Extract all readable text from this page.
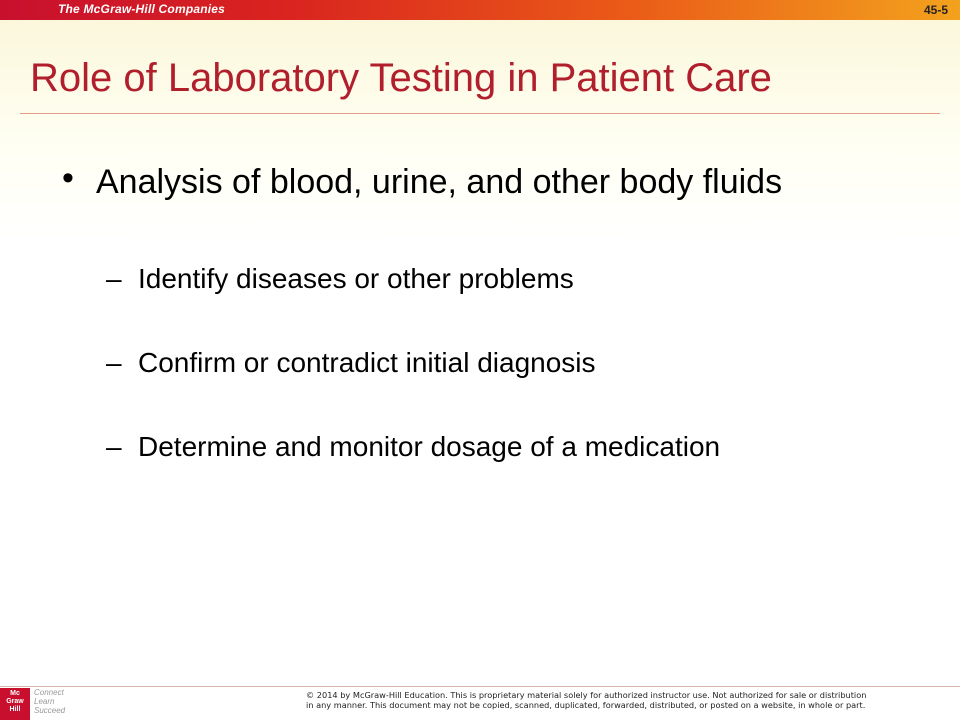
The McGraw-Hill Companies	45-5
Role of Laboratory Testing in Patient Care
• Analysis of blood, urine, and other body fluids

– Identify diseases or other problems
– Confirm or contradict initial diagnosis
– Determine and monitor dosage of a medication
Mc
Graw
Hill
Connect
Learn
Succeed
© 2014 by McGraw-Hill Education. This is proprietary material solely for authorized instructor use. Not authorized for sale or distribution
in any manner. This document may not be copied, scanned, duplicated, forwarded, distributed, or posted on a website, in whole or part.
